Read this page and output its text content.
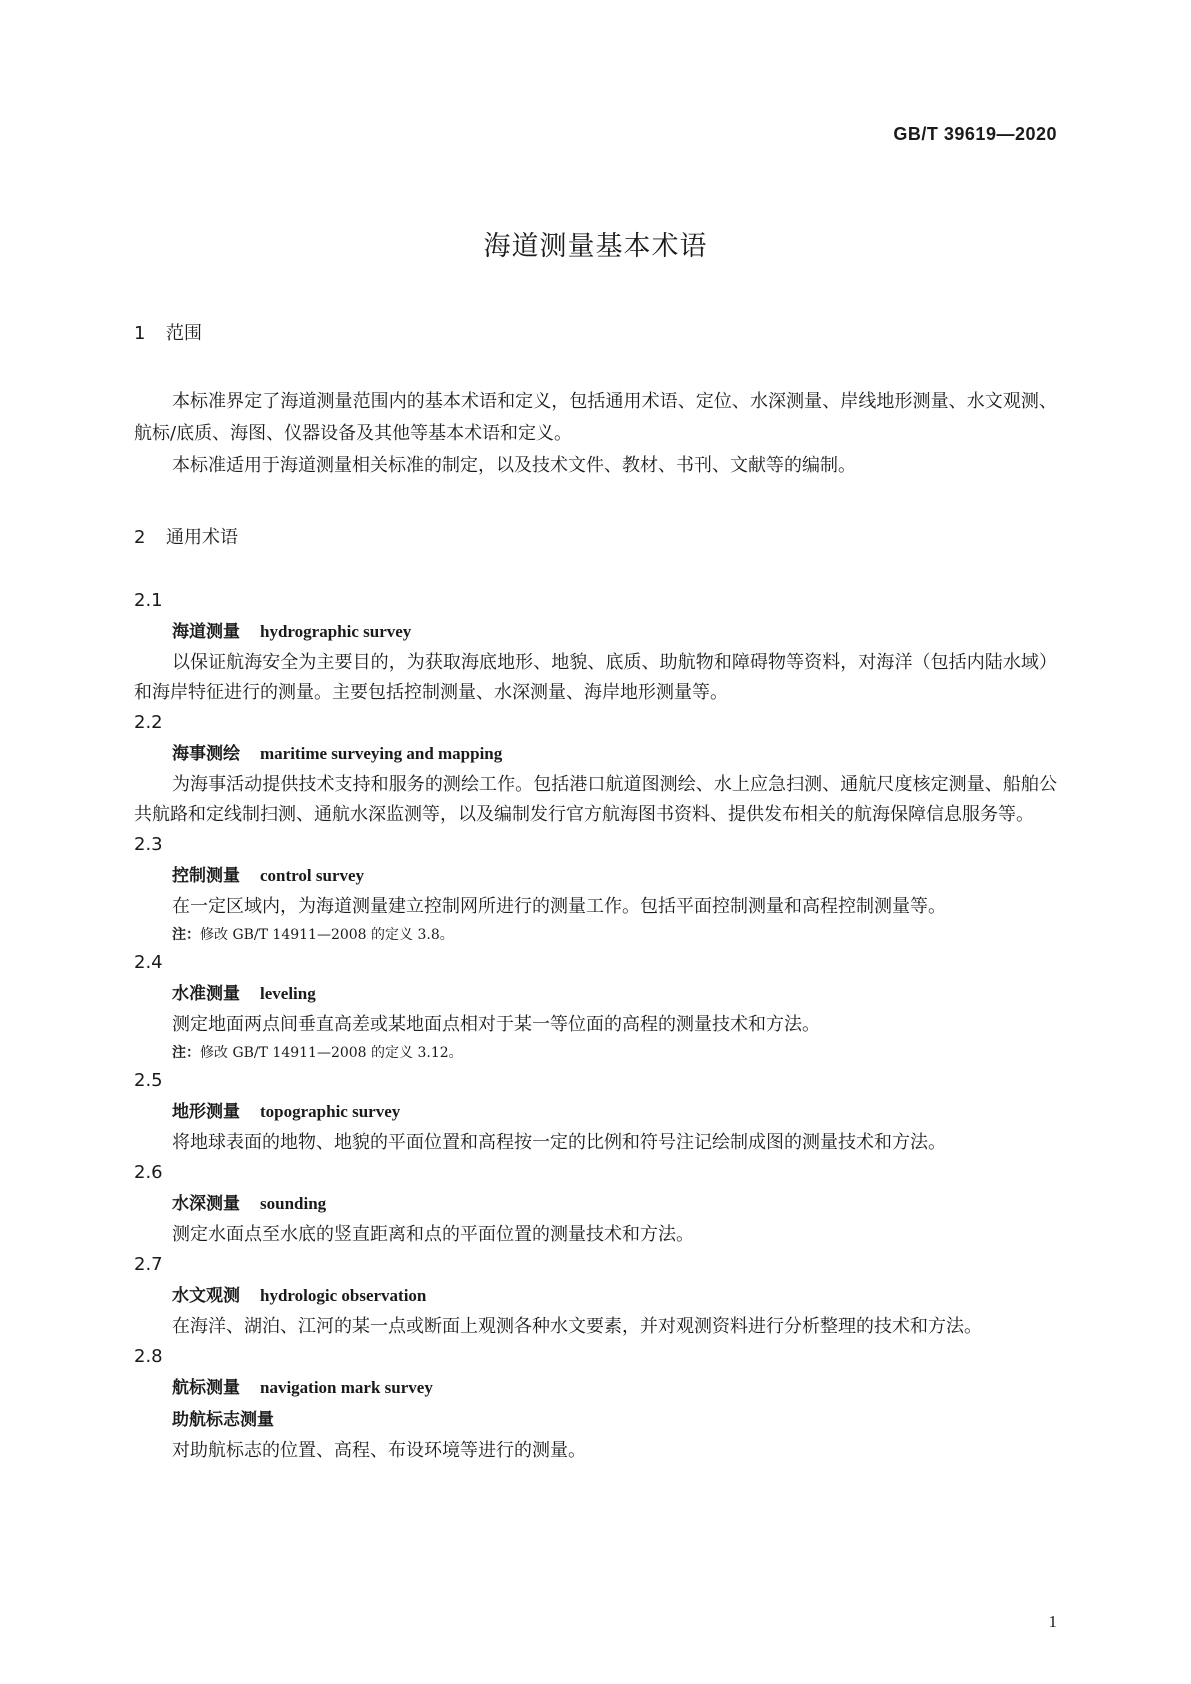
GB/T 39619—2020
海道测量基本术语
1 范围

本标准界定了海道测量范围内的基本术语和定义，包括通用术语、定位、水深测量、岸线地形测量、水文观测、航标/底质、海图、仪器设备及其他等基本术语和定义。

本标准适用于海道测量相关标准的制定，以及技术文件、教材、书刊、文献等的编制。

2 通用术语
2.1
海道测量 hydrographic survey

以保证航海安全为主要目的，为获取海底地形、地貌、底质、助航物和障碍物等资料，对海洋（包括内陆水域）和海岸特征进行的测量。主要包括控制测量、水深测量、海岸地形测量等。

2.2
海事测绘 maritime surveying and mapping

为海事活动提供技术支持和服务的测绘工作。包括港口航道图测绘、水上应急扫测、通航尺度核定测量、船舶公共航路和定线制扫测、通航水深监测等，以及编制发行官方航海图书资料、提供发布相关的航海保障信息服务等。

2.3
控制测量 control survey

在一定区域内，为海道测量建立控制网所进行的测量工作。包括平面控制测量和高程控制测量等。

注：修改 GB/T 14911—2008 的定义 3.8。
2.4
水准测量 leveling

测定地面两点间垂直高差或某地面点相对于某一等位面的高程的测量技术和方法。

注：修改 GB/T 14911—2008 的定义 3.12。
2.5
地形测量 topographic survey

将地球表面的地物、地貌的平面位置和高程按一定的比例和符号注记绘制成图的测量技术和方法。

2.6
水深测量 sounding

测定水面点至水底的竖直距离和点的平面位置的测量技术和方法。

2.7
水文观测 hydrologic observation

在海洋、湖泊、江河的某一点或断面上观测各种水文要素，并对观测资料进行分析整理的技术和方法。

2.8
航标测量 navigation mark survey
助航标志测量

对助航标志的位置、高程、布设环境等进行的测量。

1
